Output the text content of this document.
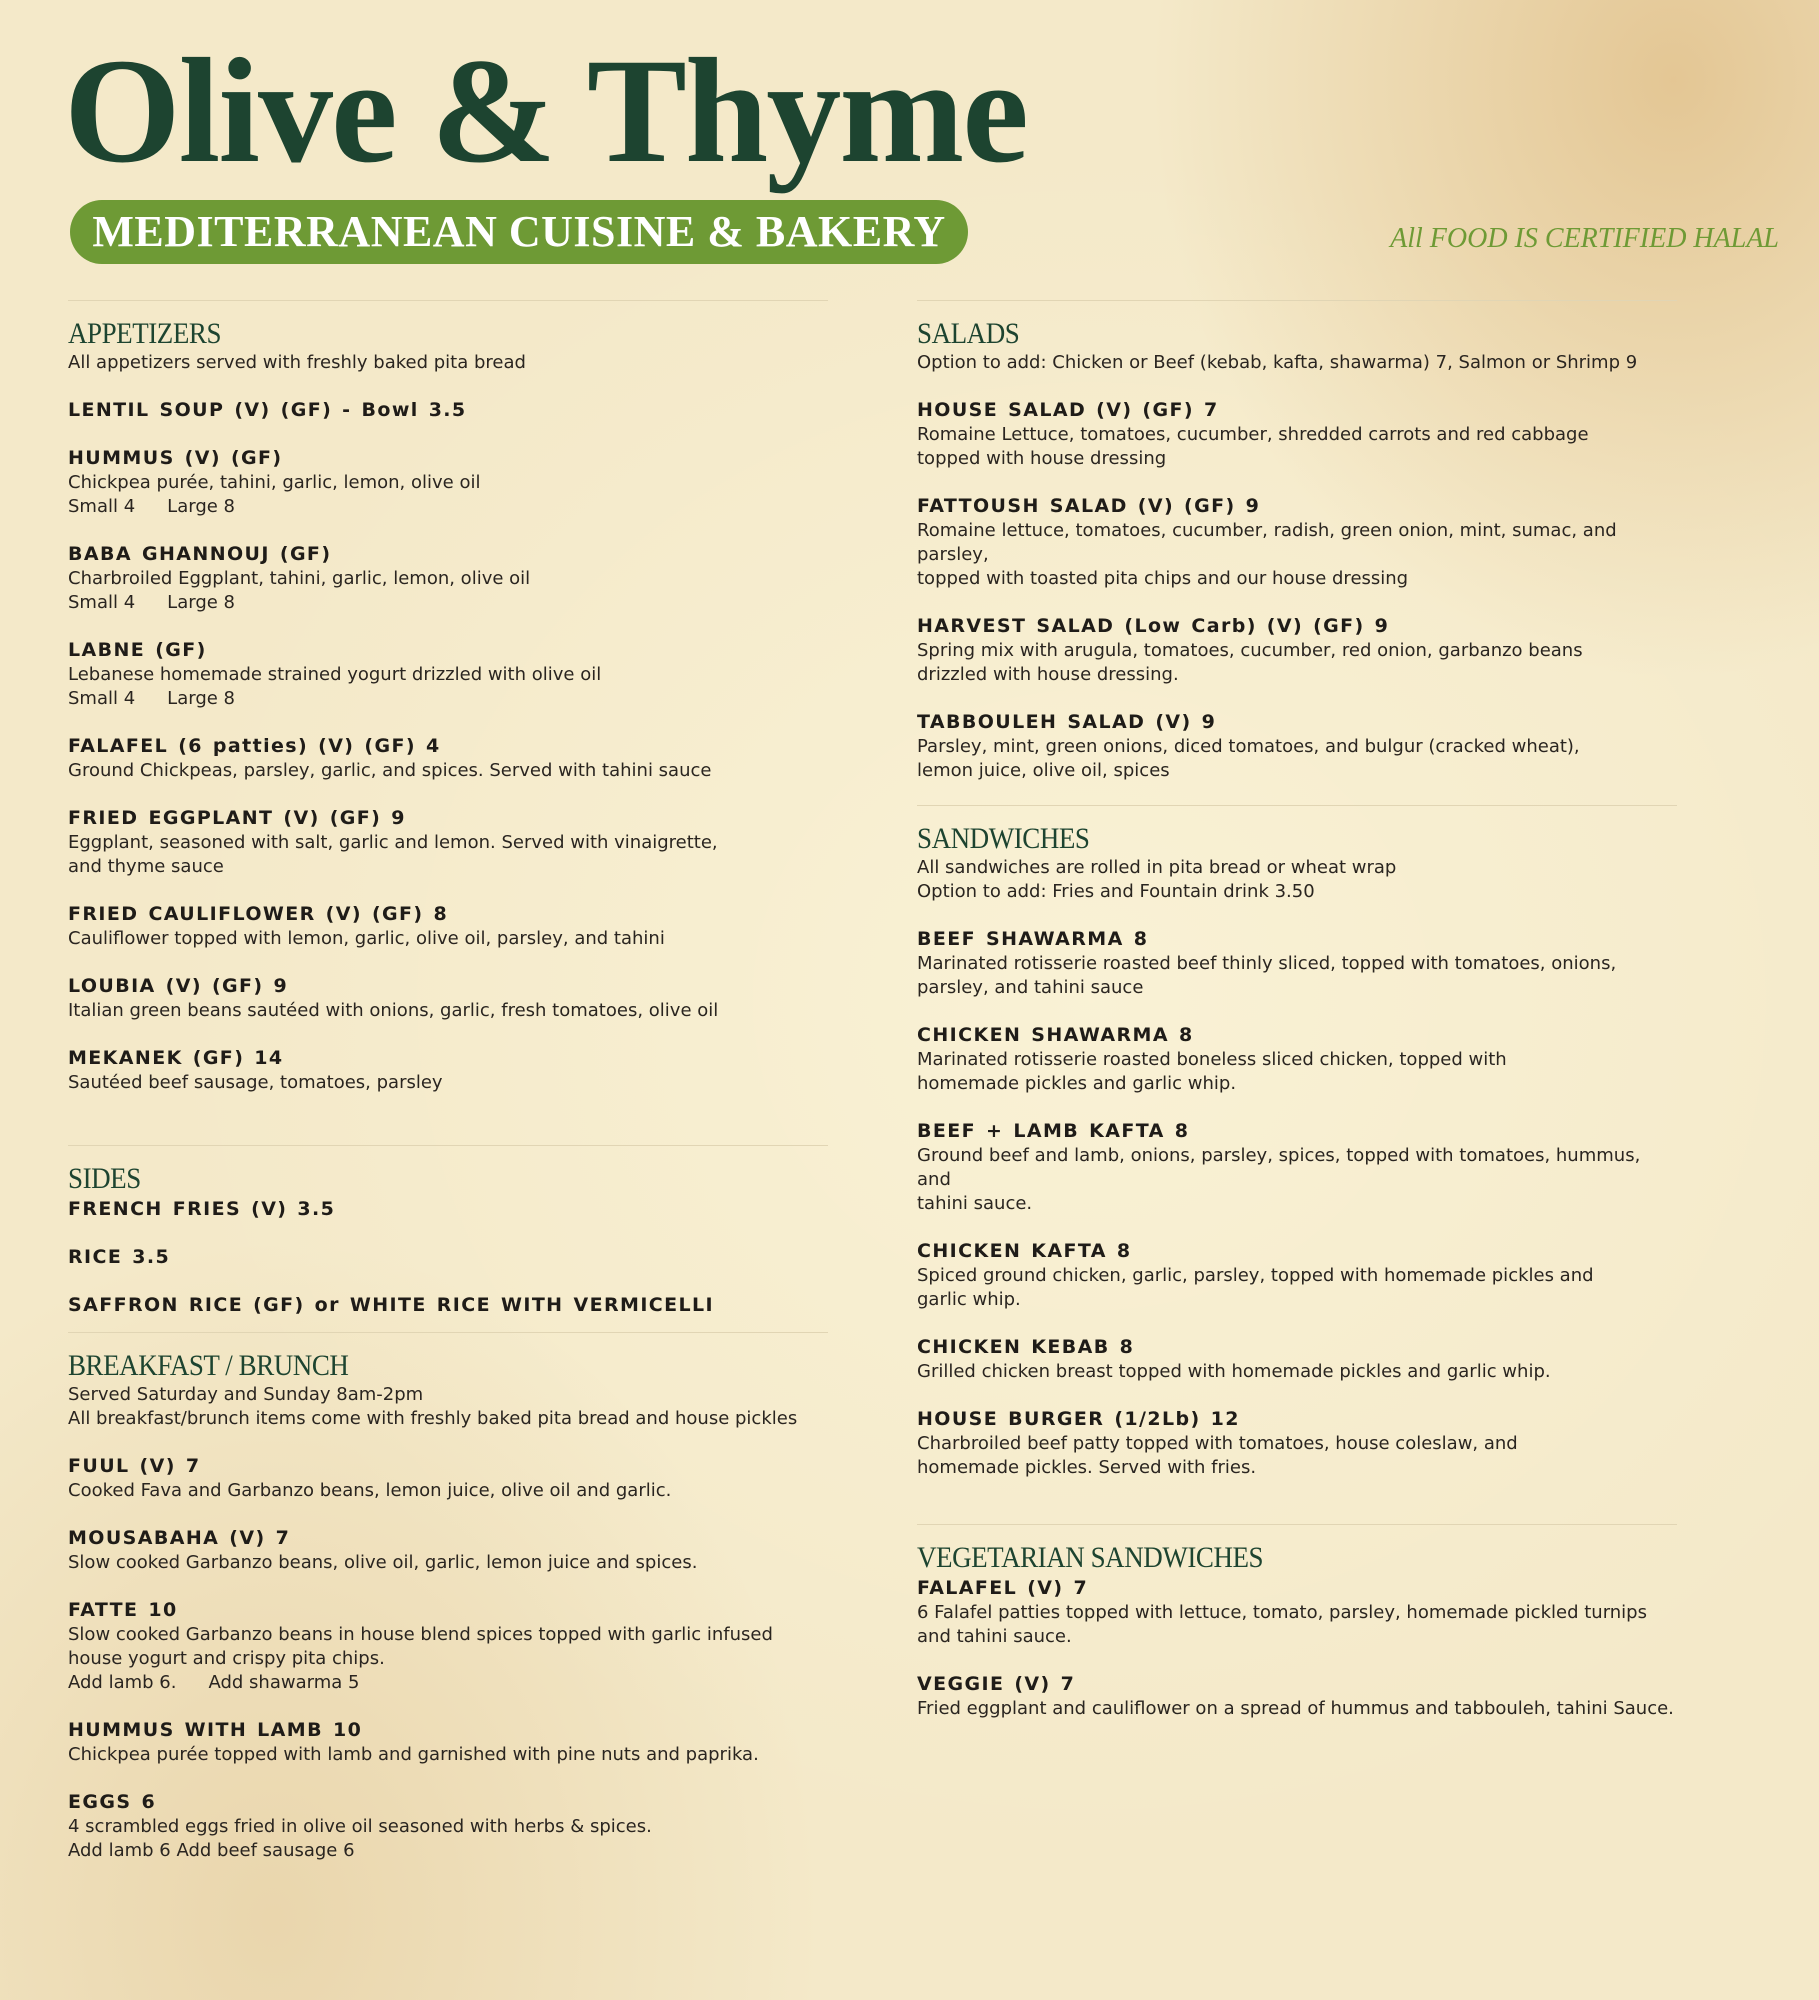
Olive & Thyme
MEDITERRANEAN CUISINE & BAKERY	All FOOD IS CERTIFIED HALAL
APPETIZERS
All appetizers served with freshly baked pita bread
LENTIL SOUP (V) (GF) - Bowl 3.5
HUMMUS (V) (GF)
Chickpea purée, tahini, garlic, lemon, olive oil
Small 4 Large 8
BABA GHANNOUJ (GF)
Charbroiled Eggplant, tahini, garlic, lemon, olive oil
Small 4 Large 8
LABNE (GF)
Lebanese homemade strained yogurt drizzled with olive oil
Small 4 Large 8
FALAFEL (6 patties) (V) (GF) 4
Ground Chickpeas, parsley, garlic, and spices. Served with tahini sauce
FRIED EGGPLANT (V) (GF) 9
Eggplant, seasoned with salt, garlic and lemon. Served with vinaigrette,
and thyme sauce
FRIED CAULIFLOWER (V) (GF) 8
Cauliflower topped with lemon, garlic, olive oil, parsley, and tahini
LOUBIA (V) (GF) 9
Italian green beans sautéed with onions, garlic, fresh tomatoes, olive oil
MEKANEK (GF) 14
Sautéed beef sausage, tomatoes, parsley
SIDES
FRENCH FRIES (V) 3.5
RICE 3.5
SAFFRON RICE (GF) or WHITE RICE WITH VERMICELLI
BREAKFAST / BRUNCH
Served Saturday and Sunday 8am-2pm
All breakfast/brunch items come with freshly baked pita bread and house pickles
FUUL (V) 7
Cooked Fava and Garbanzo beans, lemon juice, olive oil and garlic.
MOUSABAHA (V) 7
Slow cooked Garbanzo beans, olive oil, garlic, lemon juice and spices.
FATTE 10
Slow cooked Garbanzo beans in house blend spices topped with garlic infused
house yogurt and crispy pita chips.
Add lamb 6. Add shawarma 5
HUMMUS WITH LAMB 10
Chickpea purée topped with lamb and garnished with pine nuts and paprika.
EGGS 6
4 scrambled eggs fried in olive oil seasoned with herbs & spices.
Add lamb 6 Add beef sausage 6
SALADS
Option to add: Chicken or Beef (kebab, kafta, shawarma) 7, Salmon or Shrimp 9
HOUSE SALAD (V) (GF) 7
Romaine Lettuce, tomatoes, cucumber, shredded carrots and red cabbage
topped with house dressing
FATTOUSH SALAD (V) (GF) 9
Romaine lettuce, tomatoes, cucumber, radish, green onion, mint, sumac, and parsley,
topped with toasted pita chips and our house dressing
HARVEST SALAD (Low Carb) (V) (GF) 9
Spring mix with arugula, tomatoes, cucumber, red onion, garbanzo beans
drizzled with house dressing.
TABBOULEH SALAD (V) 9
Parsley, mint, green onions, diced tomatoes, and bulgur (cracked wheat),
lemon juice, olive oil, spices
SANDWICHES
All sandwiches are rolled in pita bread or wheat wrap
Option to add: Fries and Fountain drink 3.50
BEEF SHAWARMA 8
Marinated rotisserie roasted beef thinly sliced, topped with tomatoes, onions,
parsley, and tahini sauce
CHICKEN SHAWARMA 8
Marinated rotisserie roasted boneless sliced chicken, topped with
homemade pickles and garlic whip.
BEEF + LAMB KAFTA 8
Ground beef and lamb, onions, parsley, spices, topped with tomatoes, hummus, and
tahini sauce.
CHICKEN KAFTA 8
Spiced ground chicken, garlic, parsley, topped with homemade pickles and
garlic whip.
CHICKEN KEBAB 8
Grilled chicken breast topped with homemade pickles and garlic whip.
HOUSE BURGER (1/2Lb) 12
Charbroiled beef patty topped with tomatoes, house coleslaw, and
homemade pickles. Served with fries.
VEGETARIAN SANDWICHES
FALAFEL (V) 7
6 Falafel patties topped with lettuce, tomato, parsley, homemade pickled turnips
and tahini sauce.
VEGGIE (V) 7
Fried eggplant and cauliflower on a spread of hummus and tabbouleh, tahini Sauce.
